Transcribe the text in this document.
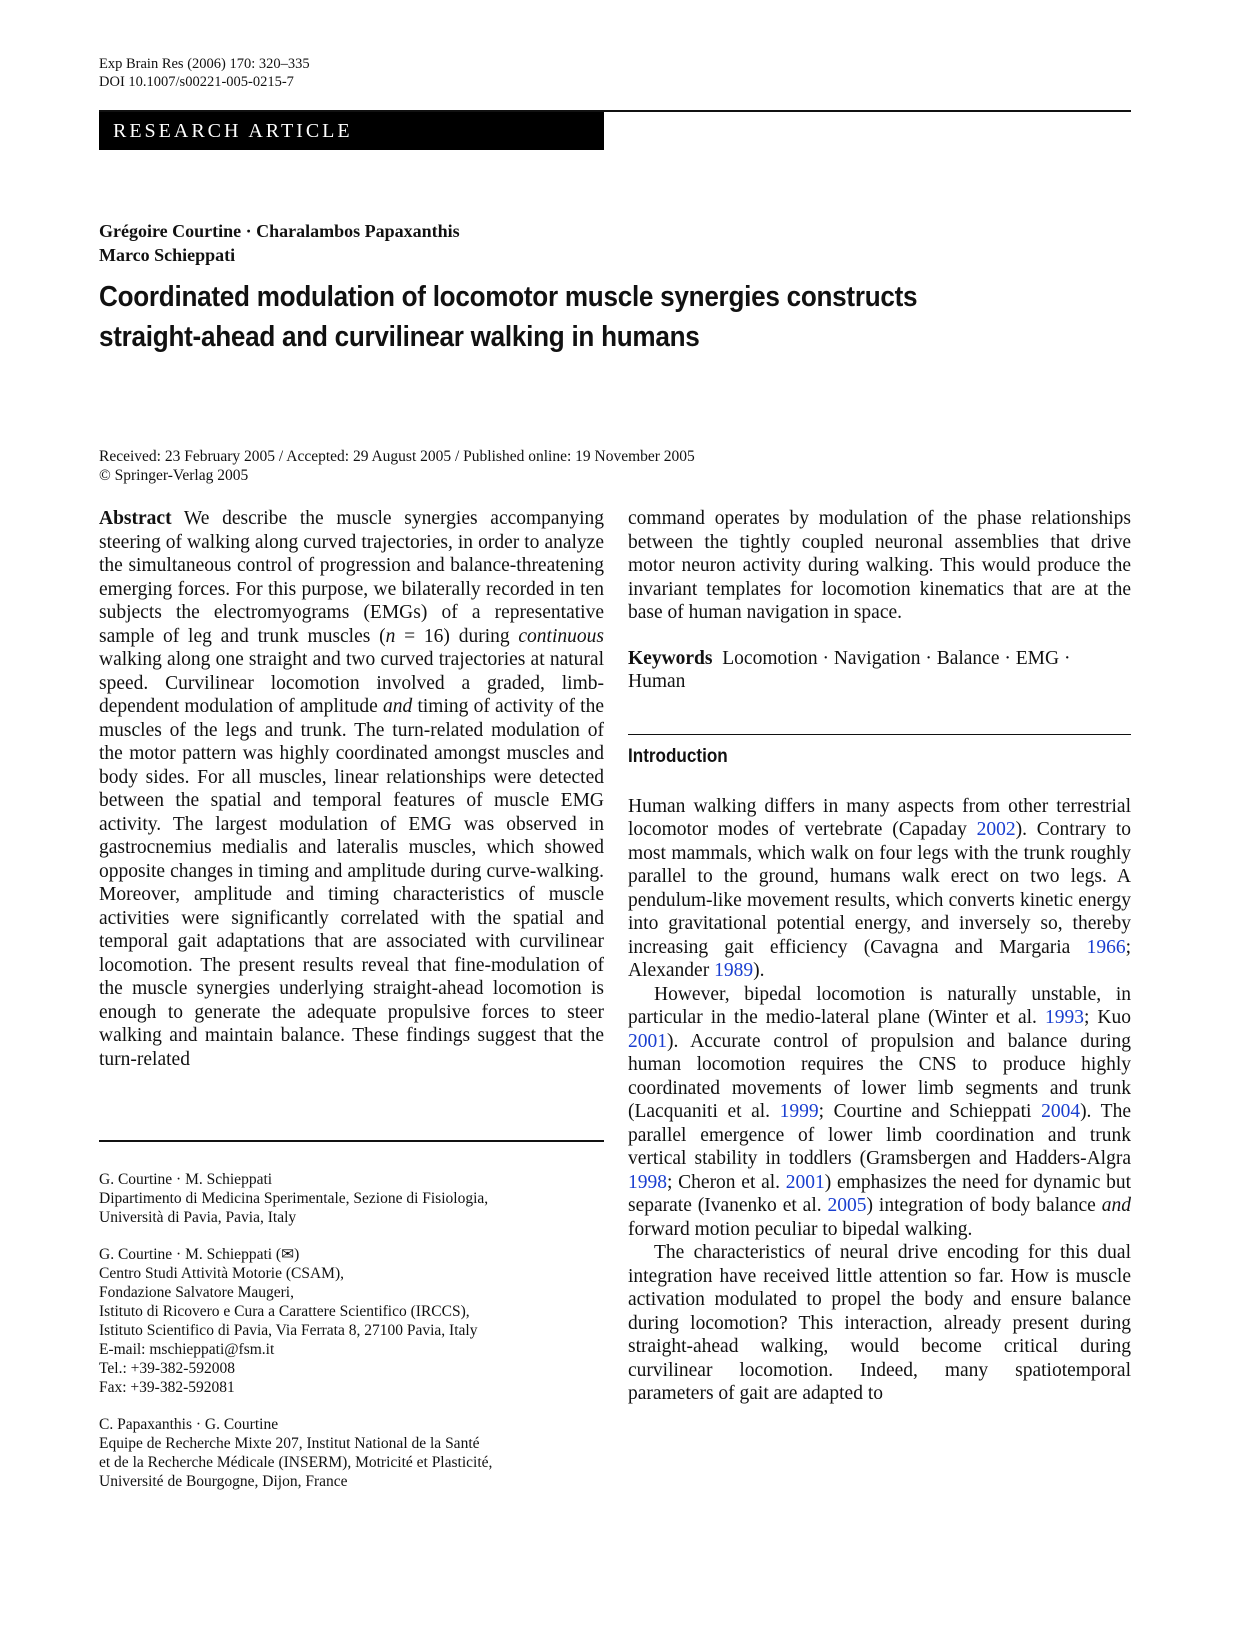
Exp Brain Res (2006) 170: 320–335
DOI 10.1007/s00221-005-0215-7
RESEARCH ARTICLE
Grégoire Courtine · Charalambos Papaxanthis
Marco Schieppati
Coordinated modulation of locomotor muscle synergies constructs
straight-ahead and curvilinear walking in humans
Received: 23 February 2005 / Accepted: 29 August 2005 / Published online: 19 November 2005
© Springer-Verlag 2005

Abstract We describe the muscle synergies accompanying steering of walking along curved trajectories, in order to analyze the simultaneous control of progression and balance-threatening emerging forces. For this purpose, we bilaterally recorded in ten subjects the electromyograms (EMGs) of a representative sample of leg and trunk muscles (n = 16) during continuous walking along one straight and two curved trajectories at natural speed. Curvilinear locomotion involved a graded, limb-dependent modulation of amplitude and timing of activity of the muscles of the legs and trunk. The turn-related modulation of the motor pattern was highly coordinated amongst muscles and body sides. For all muscles, linear relationships were detected between the spatial and temporal features of muscle EMG activity. The largest modulation of EMG was observed in gastrocnemius medialis and lateralis muscles, which showed opposite changes in timing and amplitude during curve-walking. Moreover, amplitude and timing characteristics of muscle activities were significantly correlated with the spatial and temporal gait adaptations that are associated with curvilinear locomotion. The present results reveal that fine-modulation of the muscle synergies underlying straight-ahead locomotion is enough to generate the adequate propulsive forces to steer walking and maintain balance. These findings suggest that the turn-related

G. Courtine · M. Schieppati
Dipartimento di Medicina Sperimentale, Sezione di Fisiologia,
Università di Pavia, Pavia, Italy
G. Courtine · M. Schieppati (✉)
Centro Studi Attività Motorie (CSAM),
Fondazione Salvatore Maugeri,
Istituto di Ricovero e Cura a Carattere Scientifico (IRCCS),
Istituto Scientifico di Pavia, Via Ferrata 8, 27100 Pavia, Italy
E-mail: mschieppati@fsm.it
Tel.: +39-382-592008
Fax: +39-382-592081
C. Papaxanthis · G. Courtine
Equipe de Recherche Mixte 207, Institut National de la Santé
et de la Recherche Médicale (INSERM), Motricité et Plasticité,
Université de Bourgogne, Dijon, France

command operates by modulation of the phase relationships between the tightly coupled neuronal assemblies that drive motor neuron activity during walking. This would produce the invariant templates for locomotion kinematics that are at the base of human navigation in space.

Keywords Locomotion · Navigation · Balance · EMG · Human

Introduction

Human walking differs in many aspects from other terrestrial locomotor modes of vertebrate (Capaday 2002). Contrary to most mammals, which walk on four legs with the trunk roughly parallel to the ground, humans walk erect on two legs. A pendulum-like movement results, which converts kinetic energy into gravitational potential energy, and inversely so, thereby increasing gait efficiency (Cavagna and Margaria 1966; Alexander 1989).

However, bipedal locomotion is naturally unstable, in particular in the medio-lateral plane (Winter et al. 1993; Kuo 2001). Accurate control of propulsion and balance during human locomotion requires the CNS to produce highly coordinated movements of lower limb segments and trunk (Lacquaniti et al. 1999; Courtine and Schieppati 2004). The parallel emergence of lower limb coordination and trunk vertical stability in toddlers (Gramsbergen and Hadders-Algra 1998; Cheron et al. 2001) emphasizes the need for dynamic but separate (Ivanenko et al. 2005) integration of body balance and forward motion peculiar to bipedal walking.

The characteristics of neural drive encoding for this dual integration have received little attention so far. How is muscle activation modulated to propel the body and ensure balance during locomotion? This interaction, already present during straight-ahead walking, would become critical during curvilinear locomotion. Indeed, many spatiotemporal parameters of gait are adapted to
